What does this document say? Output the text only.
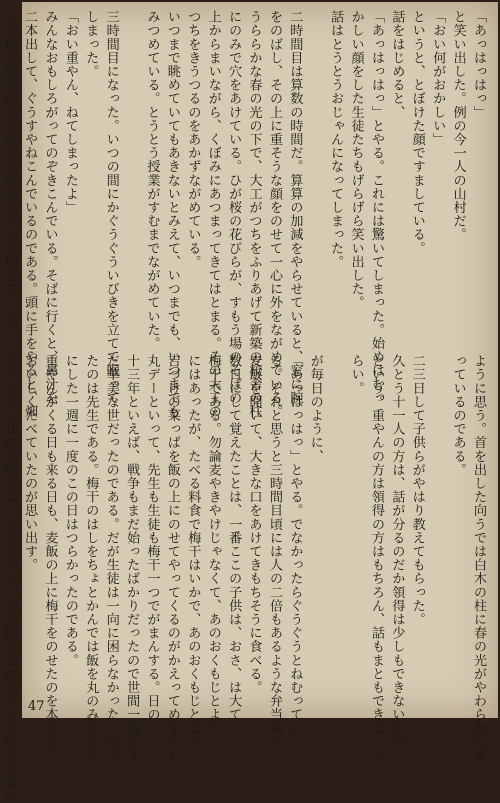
「あっはっはっ」
と笑い出した。例の今一人の山村だ。
「おい何がおかしい」
というと、とぼけた顔ですましている。
話をはじめると、
「あっはっはっ」とやる。これには驚いてしまった。始めはむっ
かしい顔をした生徒たちもげらげら笑い出した。
話はとうとうおじゃんになってしまった。

二時間目は算数の時間だ。算算の加減をやらせていると、窓に腕
をのばし、その上に重そうな顔をのせて一心に外をながめている。
うららかな春の光の下で、大工がつちをふりあげて新築の校舎の柱
にのみで穴をあけている。ひが桜の花びらが、すもう場のそばの
上からまいながら、くぼみにあつまってきてはとまる。その大工の
つちをきうつるのをあかずながめている。
いつまで眺めていてもあきないとみえて、いつまでも、いつまでも
みつめている。とうとう授業がすむまでながめていた。

三時間目になった。いつの間にかぐうぐういびきを立てて眠って
しまった。
「おい重やん、ねてしまったよ」
みんなおもしろがってのぞきこんでいる。そばに行くと、鼻汁を
二本出して、ぐうすやねこんでいるのである。頭に手をやると、畑
い子供の感覚が長くのび生の毛の下から伸びている。
ように思う。首を出した向うでは白木の柱に春の光がやわらかに光
っているのである。

二三日して子供らがやはり教えてもらった。
久とう十一人の方は、話が分るのだか領得は少しもできないのだ
という。重やんの方は領得の方はもちろん、話もまともできないん
らい。

が毎日のように、
「あっはっはっ」とやる。でなかったらぐうぐうとねむってい
る。それと思うと三時間目頃には人の二倍もあるような弁当箱の
麦飯を開いて、大きな口をあけてきもちそうに食べる。
数日にして覚えたことは、一番ここの子供は、おさ、は大てい
梅干である。勿論麦やきやけじゃなくて、あのおくもじとよう
にはあったが、たべる料食で梅干はいかで、あのおくもじとよう
吉づけの菜っぱを飯の上にのせてやってくるのがかえってめずらし
丸デーといって、先生も生徒も梅干一つでがまんする。日の
十三年といえば、戦争もまだ始ったばかりだったので世間一般はま
だ華美な世だったのである。だが生徒は一向に困らなかった。困っ
たのは先生である。梅干のはしをちょとかんでは飯を丸のみのよう
にした一週に一度のこの日はつらかったのである。
重やんがくる日も来る日も、麦飯の上に梅干をのせたのを本当に
おいしくたべていたのが思い出す。
とうとうこれには兜をぬいてしまった。が生徒の話は重やんの帽子を高い 47
